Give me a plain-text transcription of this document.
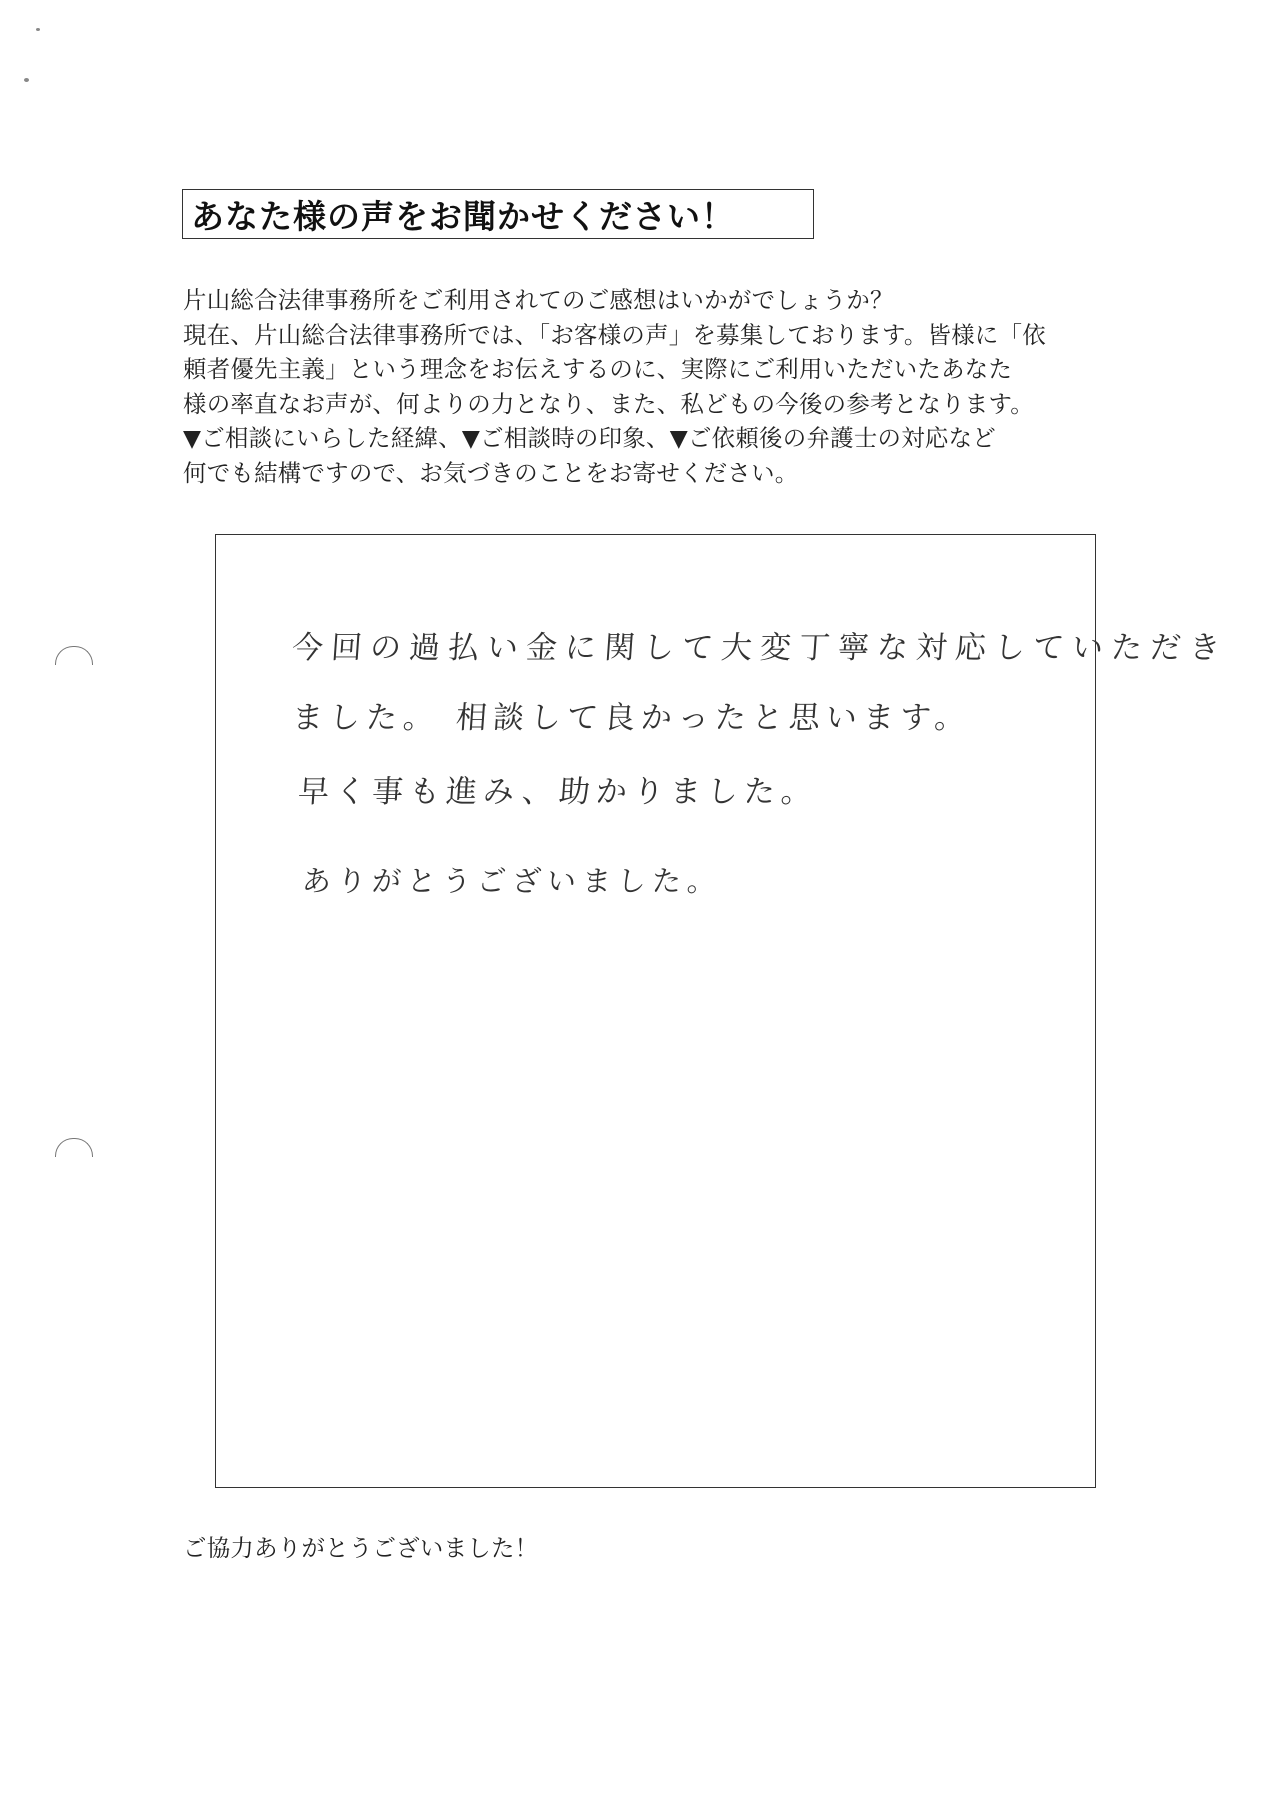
あなた様の声をお聞かせください！
片山総合法律事務所をご利用されてのご感想はいかがでしょうか？
現在、片山総合法律事務所では、「お客様の声」を募集しております。皆様に「依
頼者優先主義」という理念をお伝えするのに、実際にご利用いただいたあなた
様の率直なお声が、何よりの力となり、また、私どもの今後の参考となります。
▼ご相談にいらした経緯、▼ご相談時の印象、▼ご依頼後の弁護士の対応など
何でも結構ですので、お気づきのことをお寄せください。
今回の過払い金に関して大変丁寧な対応していただき
ました。 相談して良かったと思います。
早く事も進み、助かりました。
ありがとうございました。
ご協力ありがとうございました！
